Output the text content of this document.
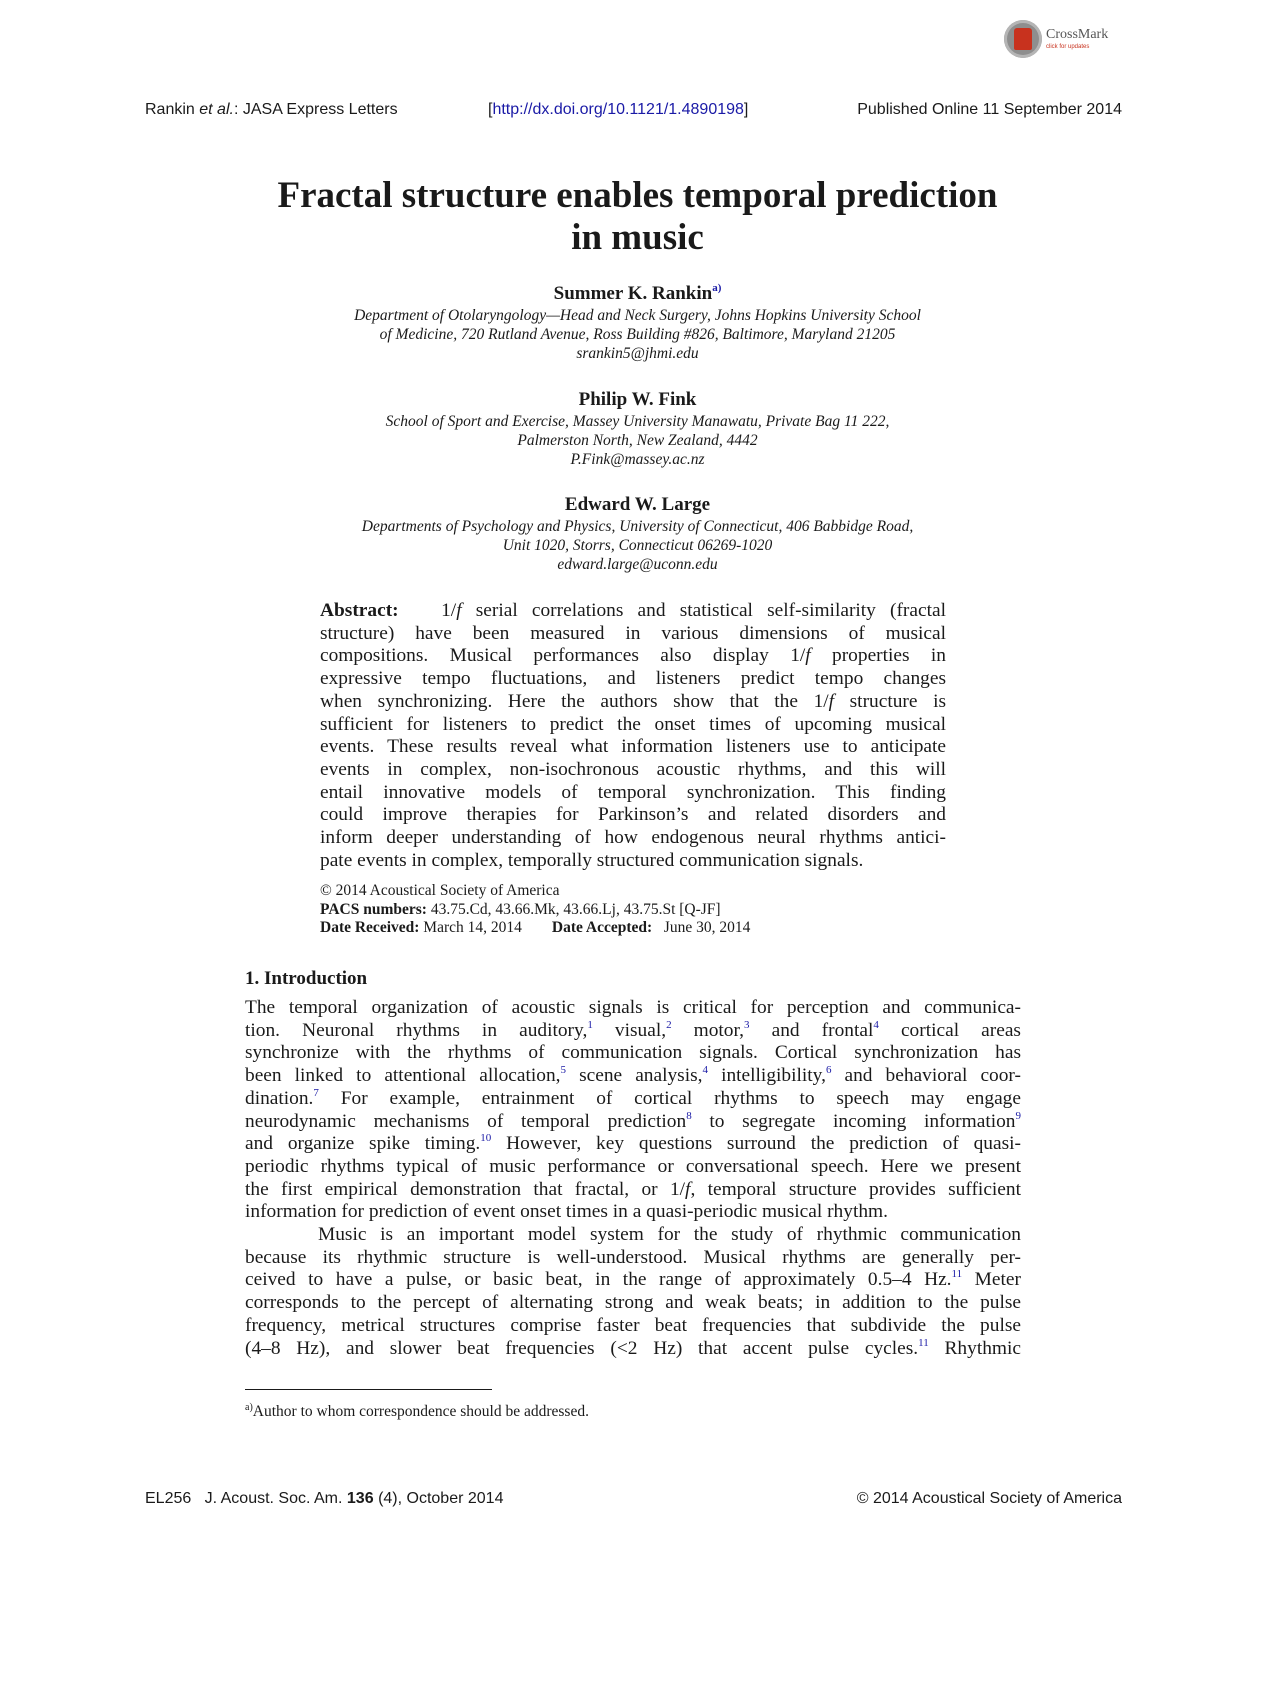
CrossMark
click for updates
Rankin et al.: JASA Express Letters	[http://dx.doi.org/10.1121/1.4890198]	Published Online 11 September 2014
Fractal structure enables temporal prediction
in music
Summer K. Rankin$^{a)}$
Department of Otolaryngology—Head and Neck Surgery, Johns Hopkins University School
of Medicine, 720 Rutland Avenue, Ross Building #826, Baltimore, Maryland 21205
srankin5@jhmi.edu
Philip W. Fink
School of Sport and Exercise, Massey University Manawatu, Private Bag 11 222,
Palmerston North, New Zealand, 4442
P.Fink@massey.ac.nz
Edward W. Large
Departments of Psychology and Physics, University of Connecticut, 406 Babbidge Road,
Unit 1020, Storrs, Connecticut 06269-1020
edward.large@uconn.edu
Abstract: 1/f serial correlations and statistical self-similarity (fractal
structure) have been measured in various dimensions of musical
compositions. Musical performances also display 1/f properties in
expressive tempo fluctuations, and listeners predict tempo changes
when synchronizing. Here the authors show that the 1/f structure is
sufficient for listeners to predict the onset times of upcoming musical
events. These results reveal what information listeners use to anticipate
events in complex, non-isochronous acoustic rhythms, and this will
entail innovative models of temporal synchronization. This finding
could improve therapies for Parkinson’s and related disorders and
inform deeper understanding of how endogenous neural rhythms antici-
pate events in complex, temporally structured communication signals.
© 2014 Acoustical Society of America
PACS numbers: 43.75.Cd, 43.66.Mk, 43.66.Lj, 43.75.St [Q-JF]
Date Received: March 14, 2014 Date Accepted: June 30, 2014
1. Introduction
The temporal organization of acoustic signals is critical for perception and communica-
tion. Neuronal rhythms in auditory,$^1$ visual,$^2$ motor,$^3$ and frontal$^4$ cortical areas
synchronize with the rhythms of communication signals. Cortical synchronization has
been linked to attentional allocation,$^5$ scene analysis,$^4$ intelligibility,$^6$ and behavioral coor-
dination.$^7$ For example, entrainment of cortical rhythms to speech may engage
neurodynamic mechanisms of temporal prediction$^8$ to segregate incoming information$^9$
and organize spike timing.$^{10}$ However, key questions surround the prediction of quasi-
periodic rhythms typical of music performance or conversational speech. Here we present
the first empirical demonstration that fractal, or 1/f, temporal structure provides sufficient
information for prediction of event onset times in a quasi-periodic musical rhythm.
Music is an important model system for the study of rhythmic communication
because its rhythmic structure is well-understood. Musical rhythms are generally per-
ceived to have a pulse, or basic beat, in the range of approximately 0.5–4 Hz.$^{11}$ Meter
corresponds to the percept of alternating strong and weak beats; in addition to the pulse
frequency, metrical structures comprise faster beat frequencies that subdivide the pulse
(4–8 Hz), and slower beat frequencies (<2 Hz) that accent pulse cycles.$^{11}$ Rhythmic
$^{a)}$Author to whom correspondence should be addressed.
EL256 J. Acoust. Soc. Am. 136 (4), October 2014	© 2014 Acoustical Society of America
